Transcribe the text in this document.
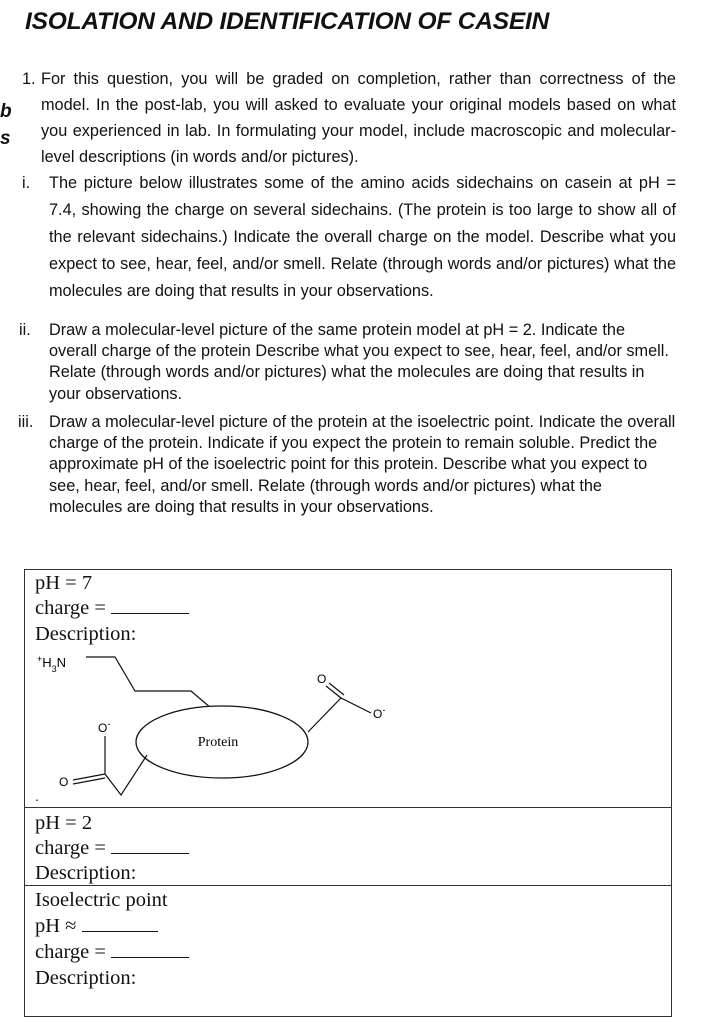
ISOLATION AND IDENTIFICATION OF CASEIN
b
s
1. For this question, you will be graded on completion, rather than correctness of the model. In the post-lab, you will asked to evaluate your original models based on what you experienced in lab. In formulating your model, include macroscopic and molecular-level descriptions (in words and/or pictures).
i. The picture below illustrates some of the amino acids sidechains on casein at pH = 7.4, showing the charge on several sidechains. (The protein is too large to show all of the relevant sidechains.) Indicate the overall charge on the model. Describe what you expect to see, hear, feel, and/or smell. Relate (through words and/or pictures) what the molecules are doing that results in your observations.
ii. Draw a molecular-level picture of the same protein model at pH = 2. Indicate the overall charge of the protein Describe what you expect to see, hear, feel, and/or smell. Relate (through words and/or pictures) what the molecules are doing that results in your observations.
iii. Draw a molecular-level picture of the protein at the isoelectric point. Indicate the overall charge of the protein. Indicate if you expect the protein to remain soluble. Predict the approximate pH of the isoelectric point for this protein. Describe what you expect to see, hear, feel, and/or smell. Relate (through words and/or pictures) what the molecules are doing that results in your observations.
pH = 7
charge =
Description:
$^+H_3N$
Protein
O
O-
O-
O
.
pH = 2
charge =
Description:
Isoelectric point
pH ≈
charge =
Description:
